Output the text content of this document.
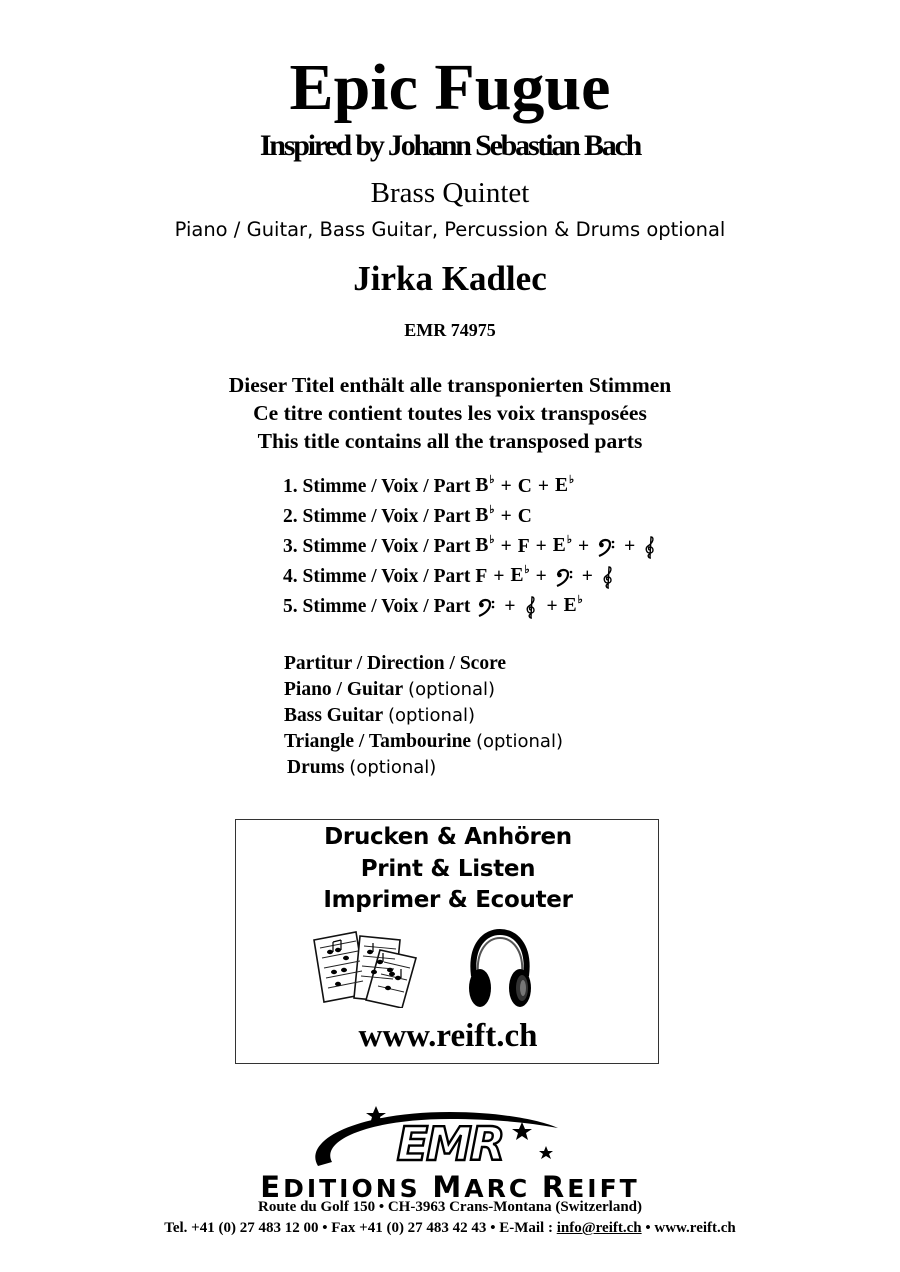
Epic Fugue
Inspired by Johann Sebastian Bach
Brass Quintet
Piano / Guitar, Bass Guitar, Percussion & Drums optional
Jirka Kadlec
EMR 74975
Dieser Titel enthält alle transponierten Stimmen
Ce titre contient toutes les voix transposées
This title contains all the transposed parts
1. Stimme / Voix / Part B♭ + C + E♭
2. Stimme / Voix / Part B♭ + C
3. Stimme / Voix / Part B♭ + F + E♭ + +
4. Stimme / Voix / Part F + E♭ + +
5. Stimme / Voix / Part + + E♭
Partitur / Direction / Score
Piano / Guitar (optional)
Bass Guitar (optional)
Triangle / Tambourine (optional)
Drums (optional)
Drucken & Anhören
Print & Listen
Imprimer & Ecouter
www.reift.ch
EMR
EDITIONS MARC REIFT
Route du Golf 150 • CH-3963 Crans-Montana (Switzerland)
Tel. +41 (0) 27 483 12 00 • Fax +41 (0) 27 483 42 43 • E-Mail : info@reift.ch • www.reift.ch
